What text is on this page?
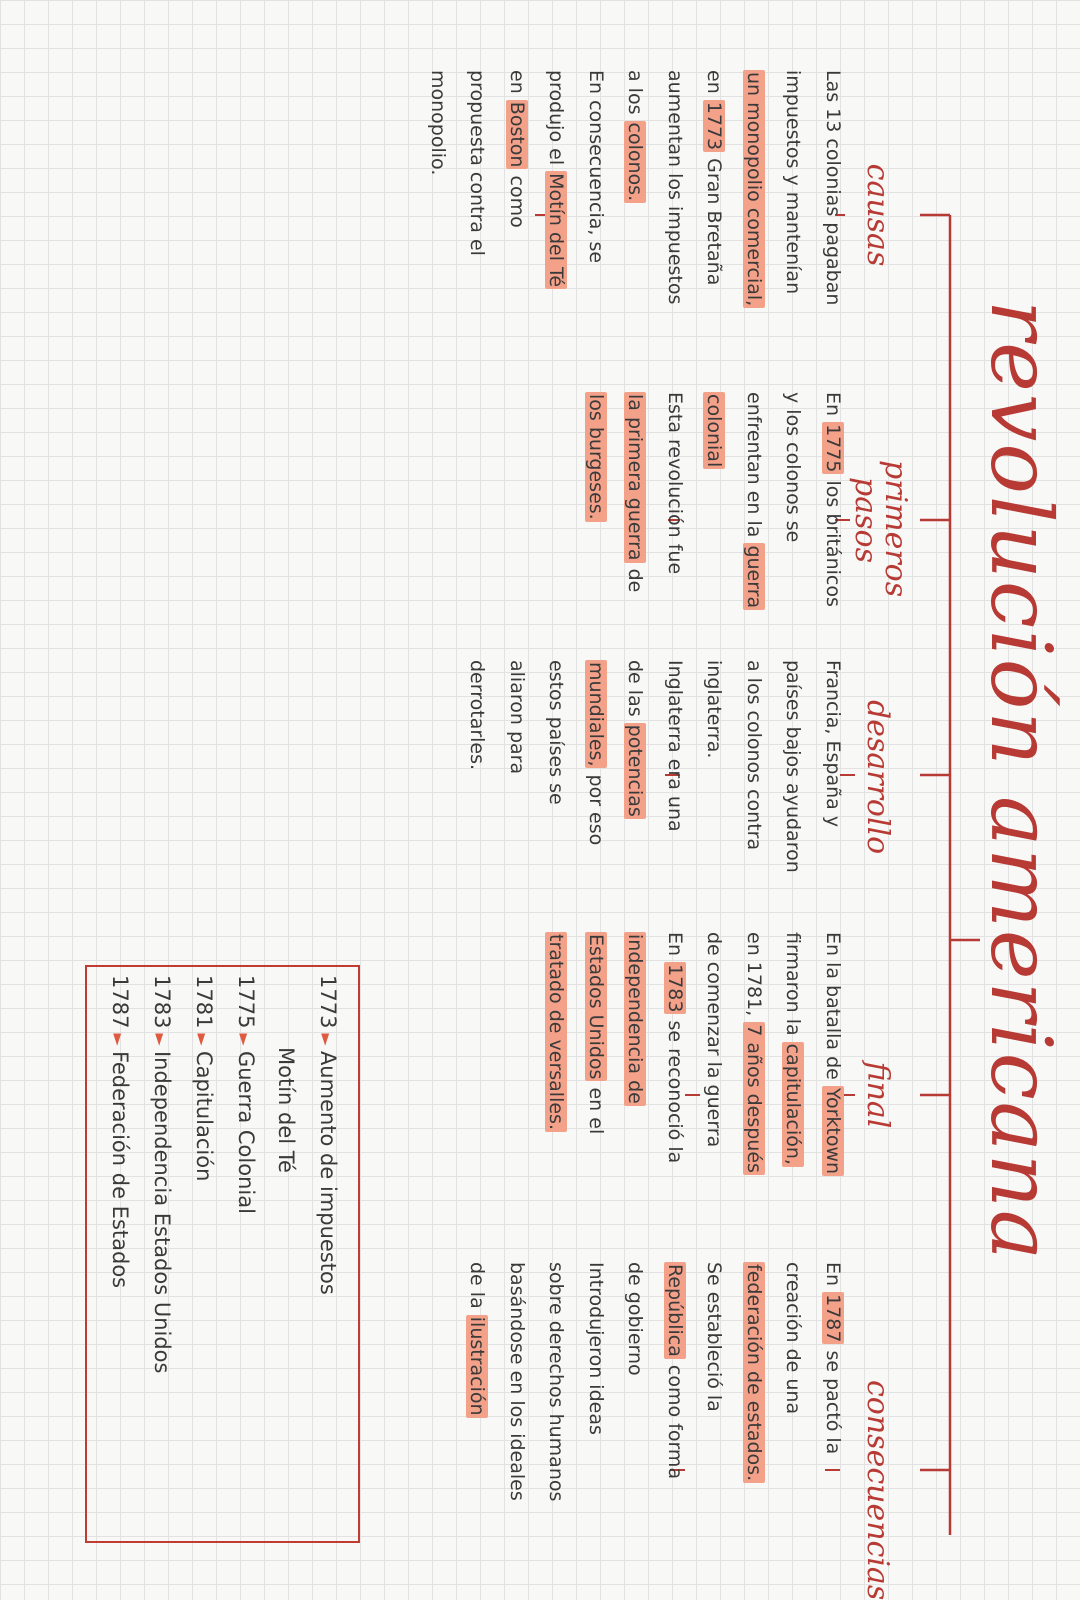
revolución americana
causas
primeros pasos
desarrollo
final
consecuencias
Las 13 colonias pagaban
impuestos y mantenían
un monopolio comercial,
en 1773 Gran Bretaña
aumentan los impuestos
a los colonos.
En consecuencia, se
produjo el Motín del Té
en Boston como
propuesta contra el
monopolio.
En 1775 los británicos
y los colonos se
enfrentan en la guerra
colonial
Esta revolución fue
la primera guerra de
los burgeses.
Francia, España y
países bajos ayudaron
a los colonos contra
inglaterra.
Inglaterra era una
de las potencias
mundiales, por eso
estos países se
aliaron para
derrotarles.
En la batalla de Yorktown
firmaron la capitulación,
en 1781, 7 años después
de comenzar la guerra
En 1783 se reconoció la
independencia de
Estados Unidos en el
tratado de versalles.
En 1787 se pactó la
creación de una
federación de estados.
Se estableció la
República como forma
de gobierno
Introdujeron ideas
sobre derechos humanos
basándose en los ideales
de la ilustración
1773 ► Aumento de impuestos
Motín del Té
1775 ► Guerra Colonial
1781 ► Capitulación
1783 ► Independencia Estados Unidos
1787 ► Federación de Estados
